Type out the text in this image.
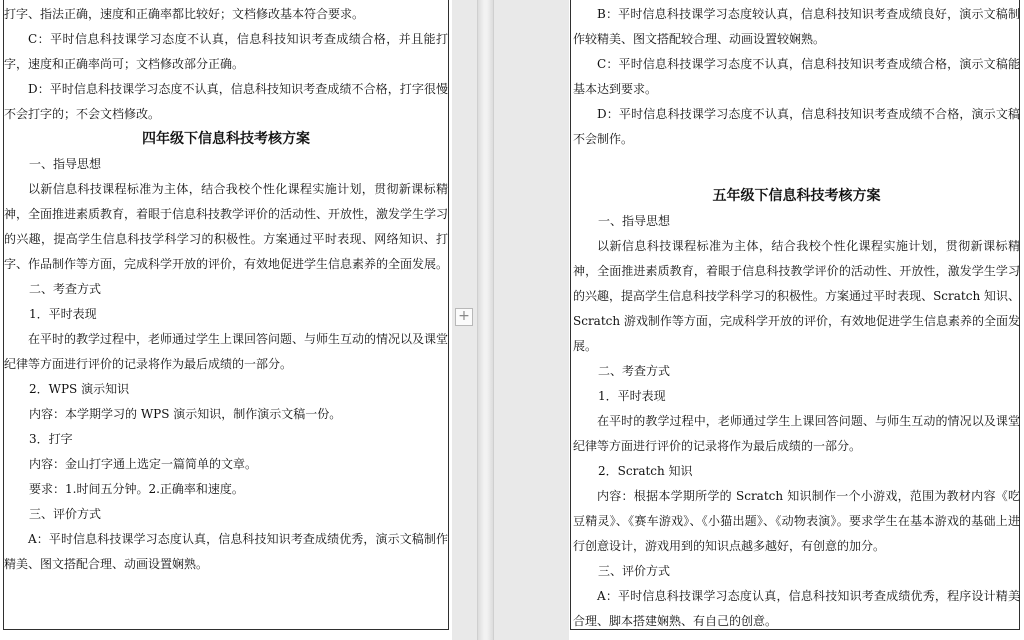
打字、指法正确，速度和正确率都比较好；文档修改基本符合要求。

C：平时信息科技课学习态度不认真，信息科技知识考查成绩合格，并且能打字，速度和正确率尚可；文档修改部分正确。

D：平时信息科技课学习态度不认真，信息科技知识考查成绩不合格，打字很慢不会打字的；不会文档修改。

四年级下信息科技考核方案

一、指导思想

以新信息科技课程标准为主体，结合我校个性化课程实施计划，贯彻新课标精神，全面推进素质教育，着眼于信息科技教学评价的活动性、开放性，激发学生学习的兴趣，提高学生信息科技学科学习的积极性。方案通过平时表现、网络知识、打字、作品制作等方面，完成科学开放的评价，有效地促进学生信息素养的全面发展。

二、考查方式

1．平时表现

在平时的教学过程中，老师通过学生上课回答问题、与师生互动的情况以及课堂纪律等方面进行评价的记录将作为最后成绩的一部分。

2．WPS 演示知识

内容：本学期学习的 WPS 演示知识，制作演示文稿一份。

3．打字

内容：金山打字通上选定一篇简单的文章。

要求：1.时间五分钟。2.正确率和速度。

三、评价方式

A：平时信息科技课学习态度认真，信息科技知识考查成绩优秀，演示文稿制作精美、图文搭配合理、动画设置娴熟。

+

B：平时信息科技课学习态度较认真，信息科技知识考查成绩良好，演示文稿制作较精美、图文搭配较合理、动画设置较娴熟。

C：平时信息科技课学习态度不认真，信息科技知识考查成绩合格，演示文稿能基本达到要求。

D：平时信息科技课学习态度不认真，信息科技知识考查成绩不合格，演示文稿不会制作。

五年级下信息科技考核方案

一、指导思想

以新信息科技课程标准为主体，结合我校个性化课程实施计划，贯彻新课标精神，全面推进素质教育，着眼于信息科技教学评价的活动性、开放性，激发学生学习的兴趣，提高学生信息科技学科学习的积极性。方案通过平时表现、Scratch 知识、Scratch 游戏制作等方面，完成科学开放的评价，有效地促进学生信息素养的全面发展。

二、考查方式

1．平时表现

在平时的教学过程中，老师通过学生上课回答问题、与师生互动的情况以及课堂纪律等方面进行评价的记录将作为最后成绩的一部分。

2．Scratch 知识

内容：根据本学期所学的 Scratch 知识制作一个小游戏，范围为教材内容《吃豆精灵》、《赛车游戏》、《小猫出题》、《动物表演》。要求学生在基本游戏的基础上进行创意设计，游戏用到的知识点越多越好，有创意的加分。

三、评价方式

A：平时信息科技课学习态度认真，信息科技知识考查成绩优秀，程序设计精美合理、脚本搭建娴熟、有自己的创意。
